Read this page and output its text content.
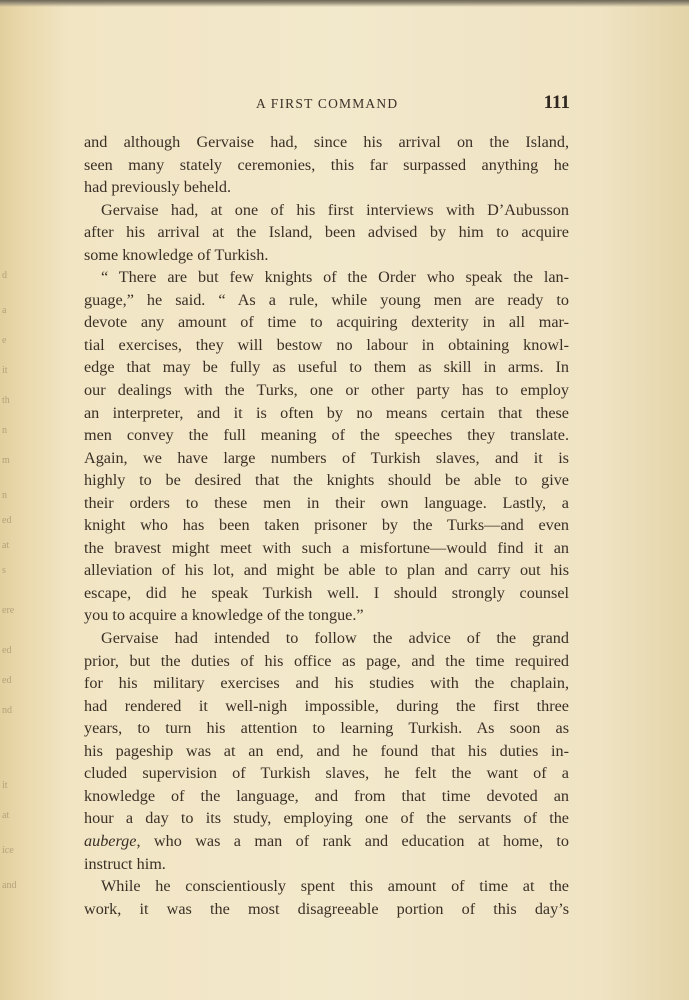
d
a
e
it
th
n
m
n
ed
at
s
ere
ed
ed
nd
it
at
ice
and
A FIRST COMMAND	111
and although Gervaise had, since his arrival on the Island,
seen many stately ceremonies, this far surpassed anything he
had previously beheld.
Gervaise had, at one of his first interviews with D’Aubusson
after his arrival at the Island, been advised by him to acquire
some knowledge of Turkish.
“ There are but few knights of the Order who speak the lan-
guage,” he said. “ As a rule, while young men are ready to
devote any amount of time to acquiring dexterity in all mar-
tial exercises, they will bestow no labour in obtaining knowl-
edge that may be fully as useful to them as skill in arms. In
our dealings with the Turks, one or other party has to employ
an interpreter, and it is often by no means certain that these
men convey the full meaning of the speeches they translate.
Again, we have large numbers of Turkish slaves, and it is
highly to be desired that the knights should be able to give
their orders to these men in their own language. Lastly, a
knight who has been taken prisoner by the Turks—and even
the bravest might meet with such a misfortune—would find it an
alleviation of his lot, and might be able to plan and carry out his
escape, did he speak Turkish well. I should strongly counsel
you to acquire a knowledge of the tongue.”
Gervaise had intended to follow the advice of the grand
prior, but the duties of his office as page, and the time required
for his military exercises and his studies with the chaplain,
had rendered it well-nigh impossible, during the first three
years, to turn his attention to learning Turkish. As soon as
his pageship was at an end, and he found that his duties in-
cluded supervision of Turkish slaves, he felt the want of a
knowledge of the language, and from that time devoted an
hour a day to its study, employing one of the servants of the
auberge, who was a man of rank and education at home, to
instruct him.
While he conscientiously spent this amount of time at the
work, it was the most disagreeable portion of this day’s
